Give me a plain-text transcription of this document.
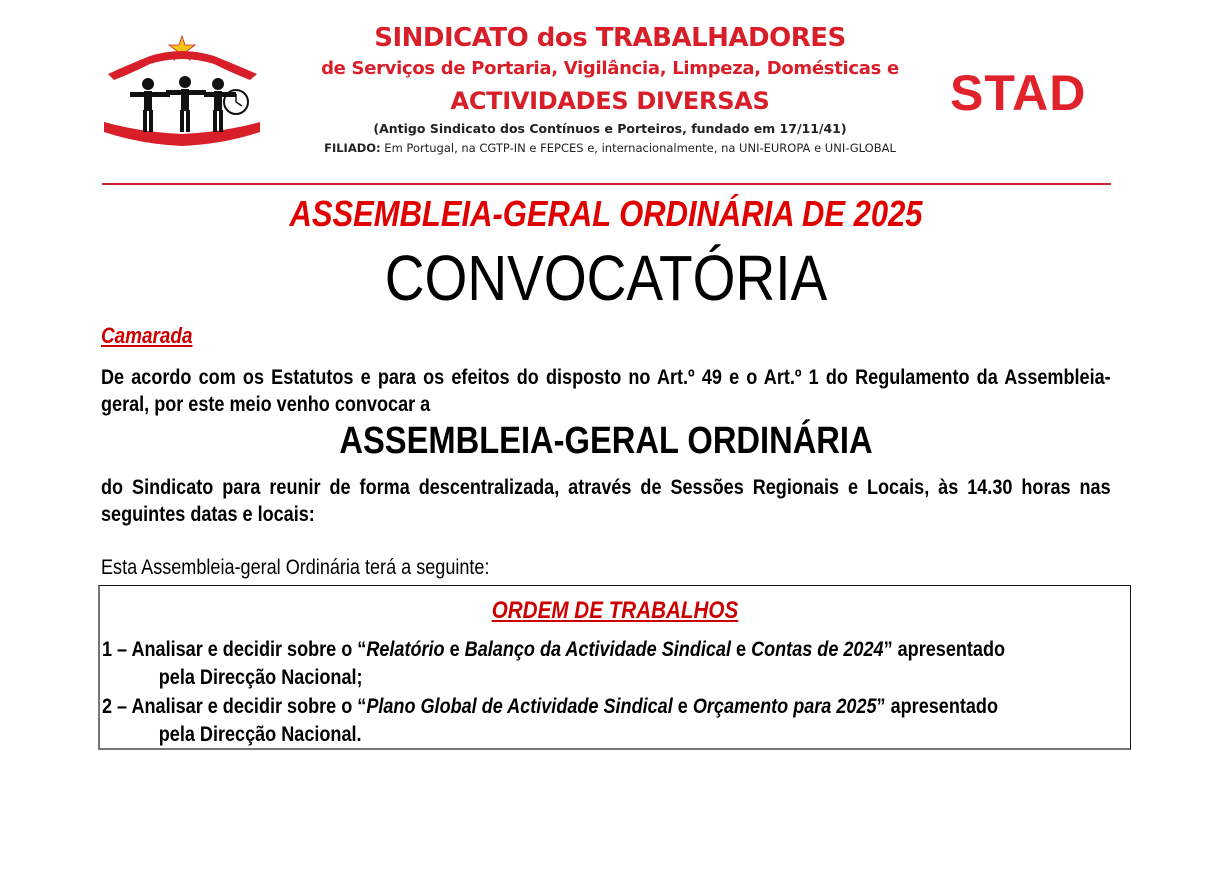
SINDICATO dos TRABALHADORES
de Serviços de Portaria, Vigilância, Limpeza, Domésticas e
ACTIVIDADES DIVERSAS
(Antigo Sindicato dos Contínuos e Porteiros, fundado em 17/11/41)
FILIADO: Em Portugal, na CGTP-IN e FEPCES e, internacionalmente, na UNI-EUROPA e UNI-GLOBAL
STAD
ASSEMBLEIA-GERAL ORDINÁRIA DE 2025
CONVOCATÓRIA
Camarada
De acordo com os Estatutos e para os efeitos do disposto no Art.º 49 e o Art.º 1 do Regulamento da Assembleia-geral, por este meio venho convocar a
ASSEMBLEIA-GERAL ORDINÁRIA
do Sindicato para reunir de forma descentralizada, através de Sessões Regionais e Locais, às 14.30 horas nas seguintes datas e locais:
Esta Assembleia-geral Ordinária terá a seguinte:
ORDEM DE TRABALHOS
1 – Analisar e decidir sobre o “Relatório e Balanço da Actividade Sindical e Contas de 2024” apresentado
pela Direcção Nacional;
2 – Analisar e decidir sobre o “Plano Global de Actividade Sindical e Orçamento para 2025” apresentado
pela Direcção Nacional.
